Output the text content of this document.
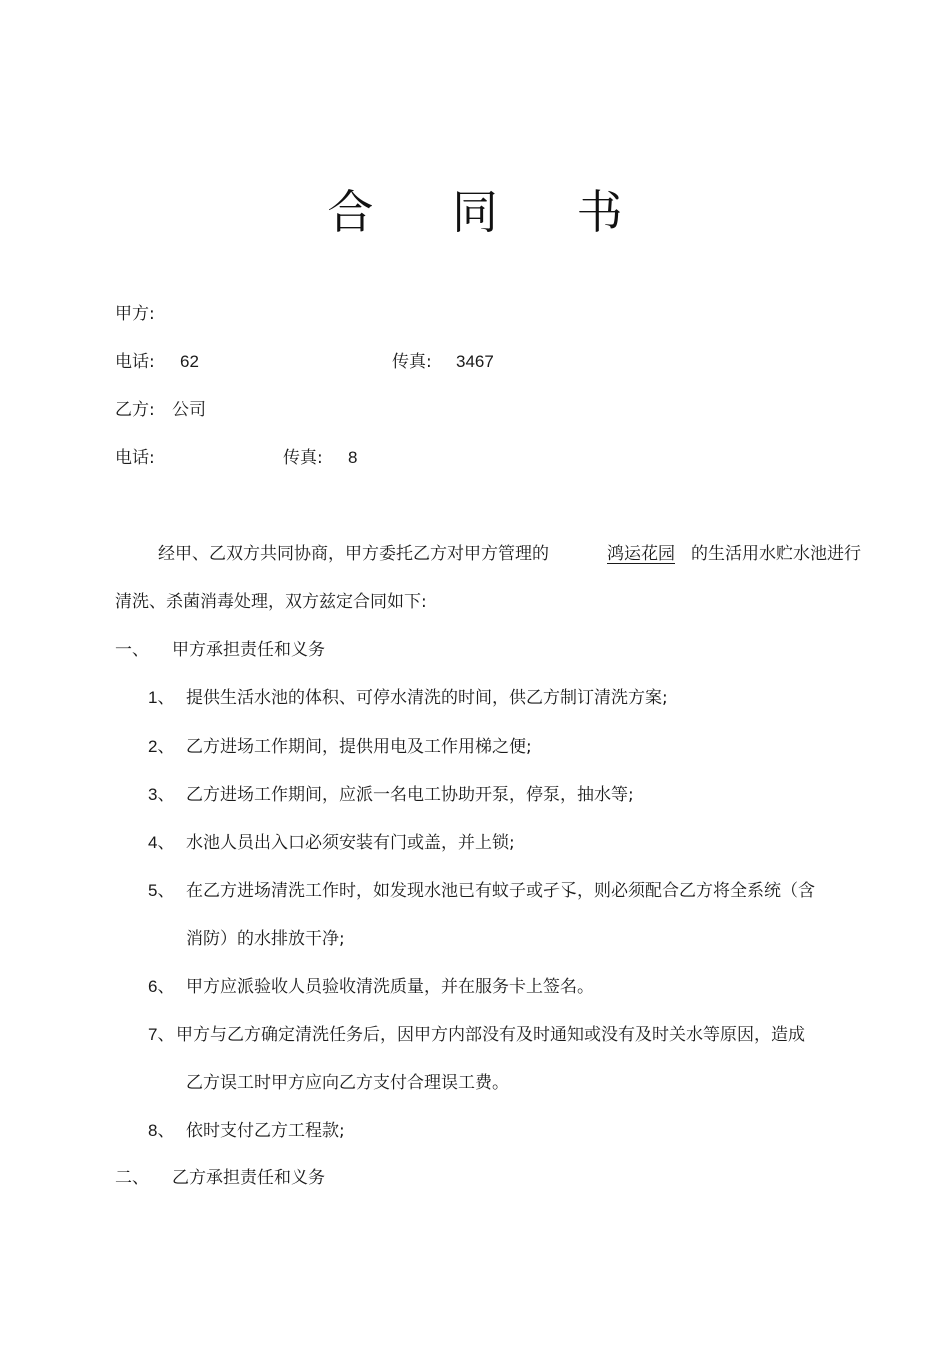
合 同 书
甲方:
电话: 62	传真: 3467
乙方: 公司
电话:	传真: 8
经甲、乙双方共同协商，甲方委托乙方对甲方管理的	鸿运花园 的生活用水贮水池进行
清洗、杀菌消毒处理，双方兹定合同如下:
一、 甲方承担责任和义务
1、 提供生活水池的体积、可停水清洗的时间，供乙方制订清洗方案;
2、 乙方进场工作期间，提供用电及工作用梯之便;
3、 乙方进场工作期间，应派一名电工协助开泵，停泵，抽水等;
4、 水池人员出入口必须安装有门或盖，并上锁;
5、 在乙方进场清洗工作时，如发现水池已有蚊子或孑孓，则必须配合乙方将全系统（含
消防）的水排放干净;
6、 甲方应派验收人员验收清洗质量，并在服务卡上签名。
7、 甲方与乙方确定清洗任务后，因甲方内部没有及时通知或没有及时关水等原因，造成
乙方误工时甲方应向乙方支付合理误工费。
8、 依时支付乙方工程款;
二、 乙方承担责任和义务
